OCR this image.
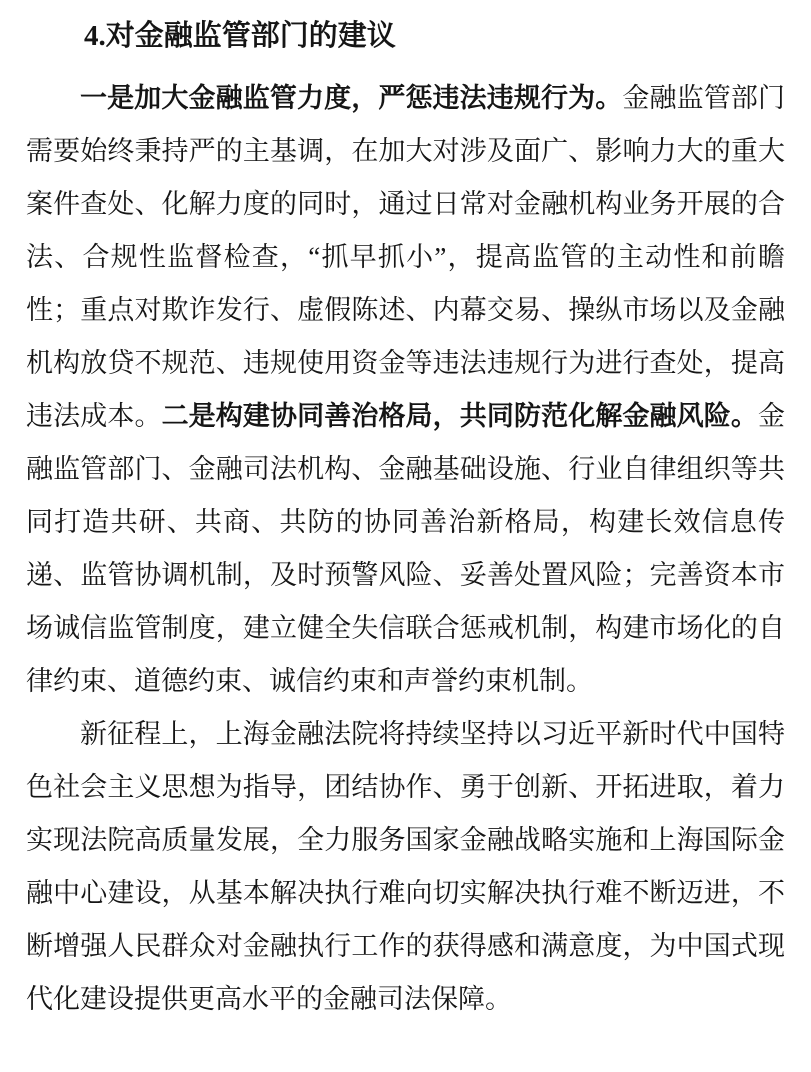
4.对金融监管部门的建议

一是加大金融监管力度，严惩违法违规行为。金融监管部门需要始终秉持严的主基调，在加大对涉及面广、影响力大的重大案件查处、化解力度的同时，通过日常对金融机构业务开展的合法、合规性监督检查，“抓早抓小”，提高监管的主动性和前瞻性；重点对欺诈发行、虚假陈述、内幕交易、操纵市场以及金融机构放贷不规范、违规使用资金等违法违规行为进行查处，提高违法成本。二是构建协同善治格局，共同防范化解金融风险。金融监管部门、金融司法机构、金融基础设施、行业自律组织等共同打造共研、共商、共防的协同善治新格局，构建长效信息传递、监管协调机制，及时预警风险、妥善处置风险；完善资本市场诚信监管制度，建立健全失信联合惩戒机制，构建市场化的自律约束、道德约束、诚信约束和声誉约束机制。

新征程上，上海金融法院将持续坚持以习近平新时代中国特色社会主义思想为指导，团结协作、勇于创新、开拓进取，着力实现法院高质量发展，全力服务国家金融战略实施和上海国际金融中心建设，从基本解决执行难向切实解决执行难不断迈进，不断增强人民群众对金融执行工作的获得感和满意度，为中国式现代化建设提供更高水平的金融司法保障。
